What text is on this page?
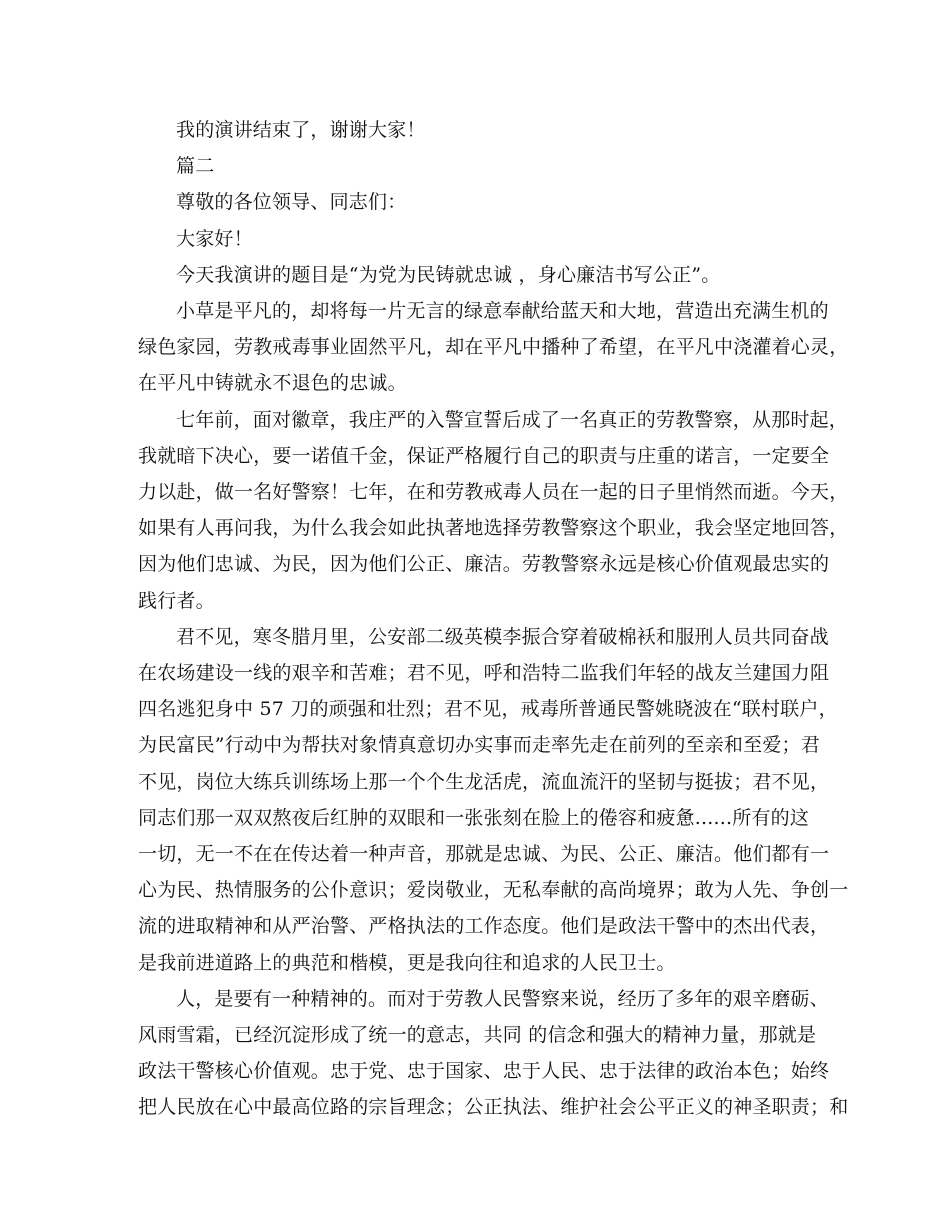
我的演讲结束了，谢谢大家！

篇二

尊敬的各位领导、同志们：

大家好！

今天我演讲的题目是“为党为民铸就忠诚 ，身心廉洁书写公正”。

小草是平凡的，却将每一片无言的绿意奉献给蓝天和大地，营造出充满生机的
绿色家园，劳教戒毒事业固然平凡，却在平凡中播种了希望，在平凡中浇灌着心灵，
在平凡中铸就永不退色的忠诚。

七年前，面对徽章，我庄严的入警宣誓后成了一名真正的劳教警察，从那时起，
我就暗下决心，要一诺值千金，保证严格履行自己的职责与庄重的诺言，一定要全
力以赴，做一名好警察！七年，在和劳教戒毒人员在一起的日子里悄然而逝。今天，
如果有人再问我，为什么我会如此执著地选择劳教警察这个职业，我会坚定地回答，
因为他们忠诚、为民，因为他们公正、廉洁。劳教警察永远是核心价值观最忠实的
践行者。

君不见，寒冬腊月里，公安部二级英模李振合穿着破棉袄和服刑人员共同奋战
在农场建设一线的艰辛和苦难；君不见，呼和浩特二监我们年轻的战友兰建国力阻
四名逃犯身中 57 刀的顽强和壮烈；君不见，戒毒所普通民警姚晓波在“联村联户，
为民富民”行动中为帮扶对象情真意切办实事而走率先走在前列的至亲和至爱；君
不见，岗位大练兵训练场上那一个个生龙活虎，流血流汗的坚韧与挺拔；君不见，
同志们那一双双熬夜后红肿的双眼和一张张刻在脸上的倦容和疲惫......所有的这
一切，无一不在在传达着一种声音，那就是忠诚、为民、公正、廉洁。他们都有一
心为民、热情服务的公仆意识；爱岗敬业，无私奉献的高尚境界；敢为人先、争创一
流的进取精神和从严治警、严格执法的工作态度。他们是政法干警中的杰出代表，
是我前进道路上的典范和楷模，更是我向往和追求的人民卫士。

人，是要有一种精神的。而对于劳教人民警察来说，经历了多年的艰辛磨砺、
风雨雪霜，已经沉淀形成了统一的意志，共同 的信念和强大的精神力量，那就是
政法干警核心价值观。忠于党、忠于国家、忠于人民、忠于法律的政治本色；始终
把人民放在心中最高位路的宗旨理念；公正执法、维护社会公平正义的神圣职责；和
